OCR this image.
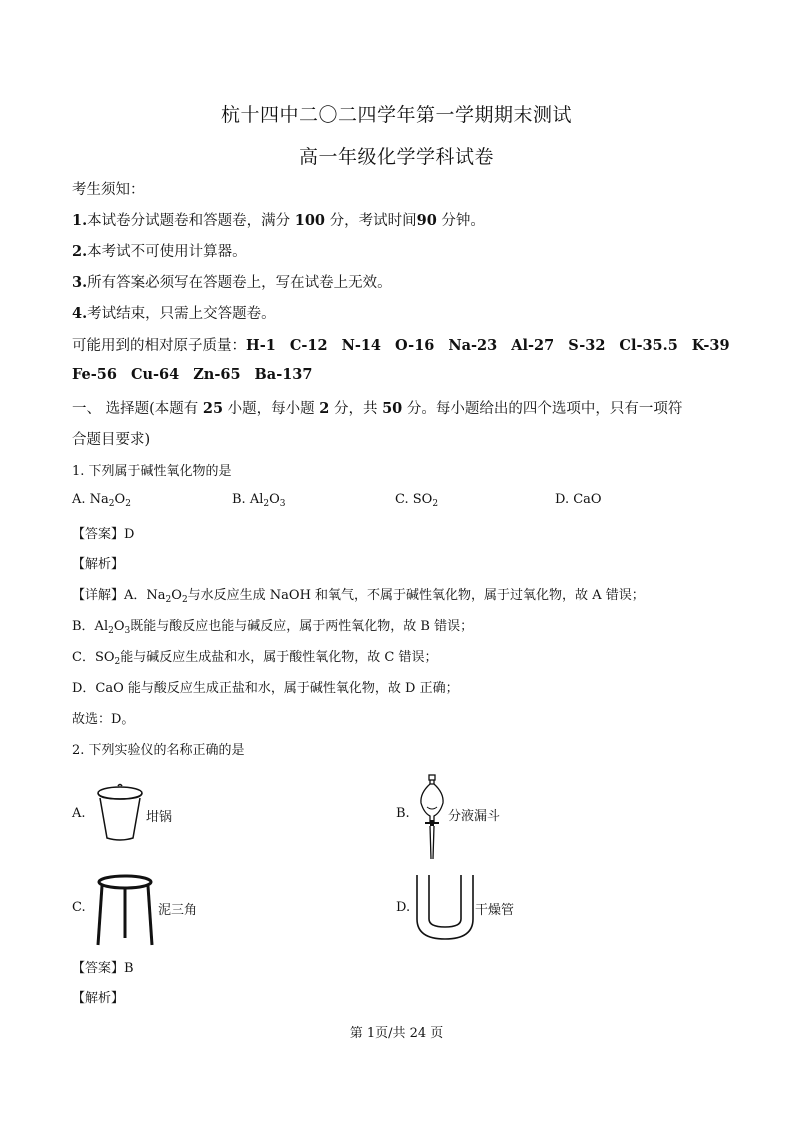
杭十四中二〇二四学年第一学期期末测试
高一年级化学学科试卷
考生须知：
1.本试卷分试题卷和答题卷，满分 100 分，考试时间90 分钟。
2.本考试不可使用计算器。
3.所有答案必须写在答题卷上，写在试卷上无效。
4.考试结束，只需上交答题卷。
可能用到的相对原子质量：H-1 C-12 N-14 O-16 Na-23 Al-27 S-32 Cl-35.5 K-39
Fe-56 Cu-64 Zn-65 Ba-137
一、 选择题(本题有 25 小题，每小题 2 分，共 50 分。每小题给出的四个选项中，只有一项符
合题目要求)
1. 下列属于碱性氧化物的是
A. $Na_2O_2$	B. $Al_2O_3$	C. $SO_2$	D. CaO
【答案】D
【解析】
【详解】A．$Na_2O_2$与水反应生成 NaOH 和氧气，不属于碱性氧化物，属于过氧化物，故 A 错误；
B．$Al_2O_3$既能与酸反应也能与碱反应，属于两性氧化物，故 B 错误；
C．$SO_2$能与碱反应生成盐和水，属于酸性氧化物，故 C 错误；
D．CaO 能与酸反应生成正盐和水，属于碱性氧化物，故 D 正确；
故选：D。
2. 下列实验仪的名称正确的是
A.	坩锅	B.	分液漏斗
C.	泥三角	D.	干燥管
【答案】B
【解析】
第 1页/共 24 页
